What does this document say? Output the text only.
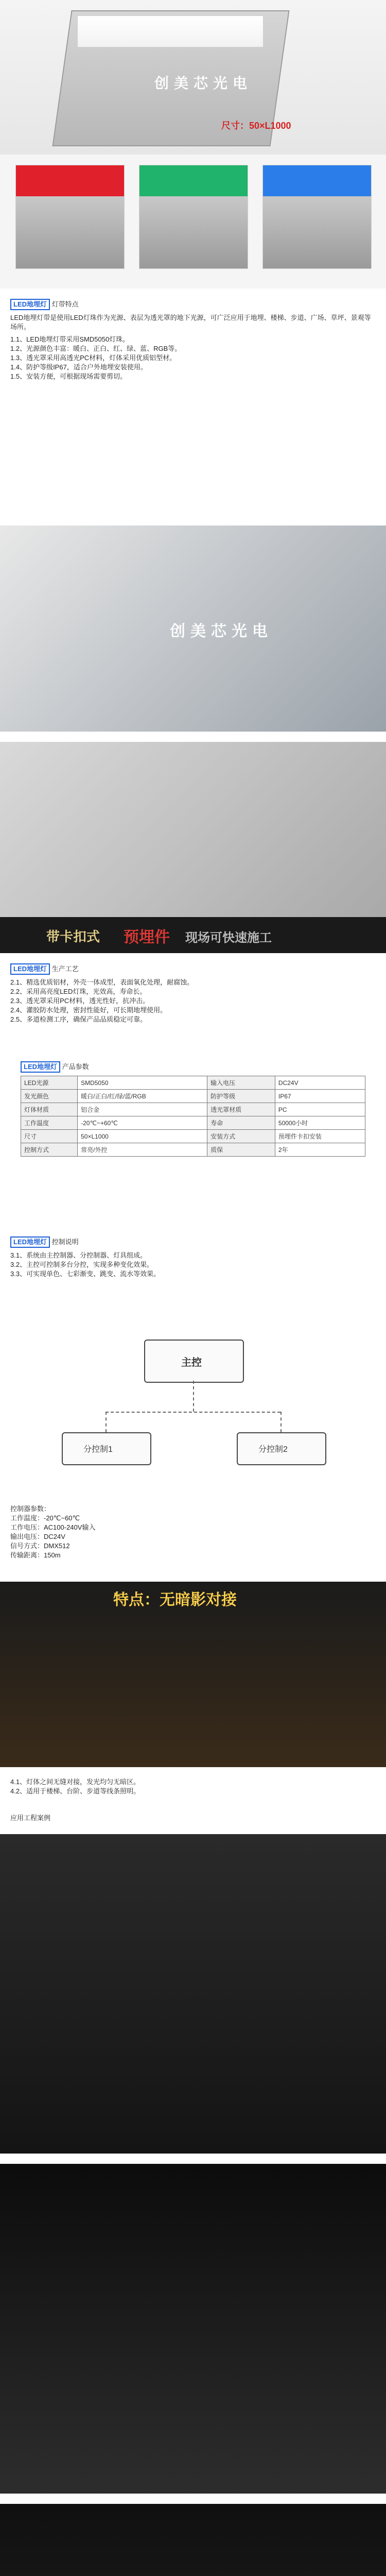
创美芯光电
尺寸：50×L1000
LED地埋灯 灯带特点
LED地埋灯带是使用LED灯珠作为光源、表层为透光罩的地下光源，可广泛应用于地埋、楼梯、步道、广场、草坪、景观等场所。
1.1、LED地埋灯带采用SMD5050灯珠。
1.2、光源颜色丰富：暖白、正白、红、绿、蓝、RGB等。
1.3、透光罩采用高透光PC材料，灯体采用优质铝型材。
1.4、防护等级IP67，适合户外地埋安装使用。
1.5、安装方便，可根据现场需要剪切。
创美芯光电
带卡扣式 预埋件 现场可快速施工
LED地埋灯 生产工艺
2.1、精选优质铝材，外壳一体成型，表面氧化处理，耐腐蚀。
2.2、采用高亮度LED灯珠，光效高，寿命长。
2.3、透光罩采用PC材料，透光性好，抗冲击。
2.4、灌胶防水处理，密封性能好，可长期地埋使用。
2.5、多道检测工序，确保产品品质稳定可靠。
LED地埋灯 产品参数
LED光源	SMD5050	输入电压	DC24V
发光颜色	暖白/正白/红/绿/蓝/RGB	防护等级	IP67
灯体材质	铝合金	透光罩材质	PC
工作温度	-20℃~+60℃	寿命	50000小时
尺寸	50×L1000	安装方式	预埋件卡扣安装
控制方式	常亮/外控	质保	2年
LED地埋灯 控制说明
3.1、系统由主控制器、分控制器、灯具组成。
3.2、主控可控制多台分控，实现多种变化效果。
3.3、可实现单色、七彩渐变、跳变、流水等效果。
主控
分控制1	分控制2
控制器参数：
工作温度：-20℃~60℃
工作电压：AC100-240V输入
输出电压：DC24V
信号方式：DMX512
传输距离：150m
特点：无暗影对接
4.1、灯体之间无缝对接，发光均匀无暗区。
4.2、适用于楼梯、台阶、步道等线条照明。
应用工程案例
